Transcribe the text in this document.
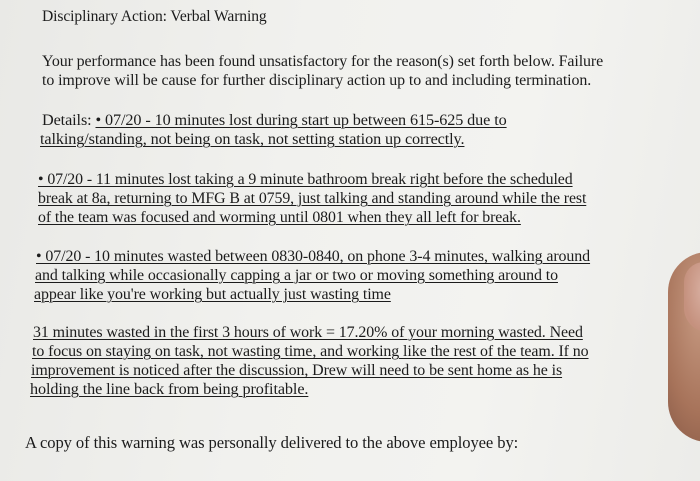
Disciplinary Action: Verbal Warning
Your performance has been found unsatisfactory for the reason(s) set forth below. Failure
to improve will be cause for further disciplinary action up to and including termination.
Details: • 07/20 - 10 minutes lost during start up between 615-625 due to
talking/standing, not being on task, not setting station up correctly.
• 07/20 - 11 minutes lost taking a 9 minute bathroom break right before the scheduled
break at 8a, returning to MFG B at 0759, just talking and standing around while the rest
of the team was focused and worming until 0801 when they all left for break.
• 07/20 - 10 minutes wasted between 0830-0840, on phone 3-4 minutes, walking around
and talking while occasionally capping a jar or two or moving something around to
appear like you're working but actually just wasting time
31 minutes wasted in the first 3 hours of work = 17.20% of your morning wasted. Need
to focus on staying on task, not wasting time, and working like the rest of the team. If no
improvement is noticed after the discussion, Drew will need to be sent home as he is
holding the line back from being profitable.
A copy of this warning was personally delivered to the above employee by:
